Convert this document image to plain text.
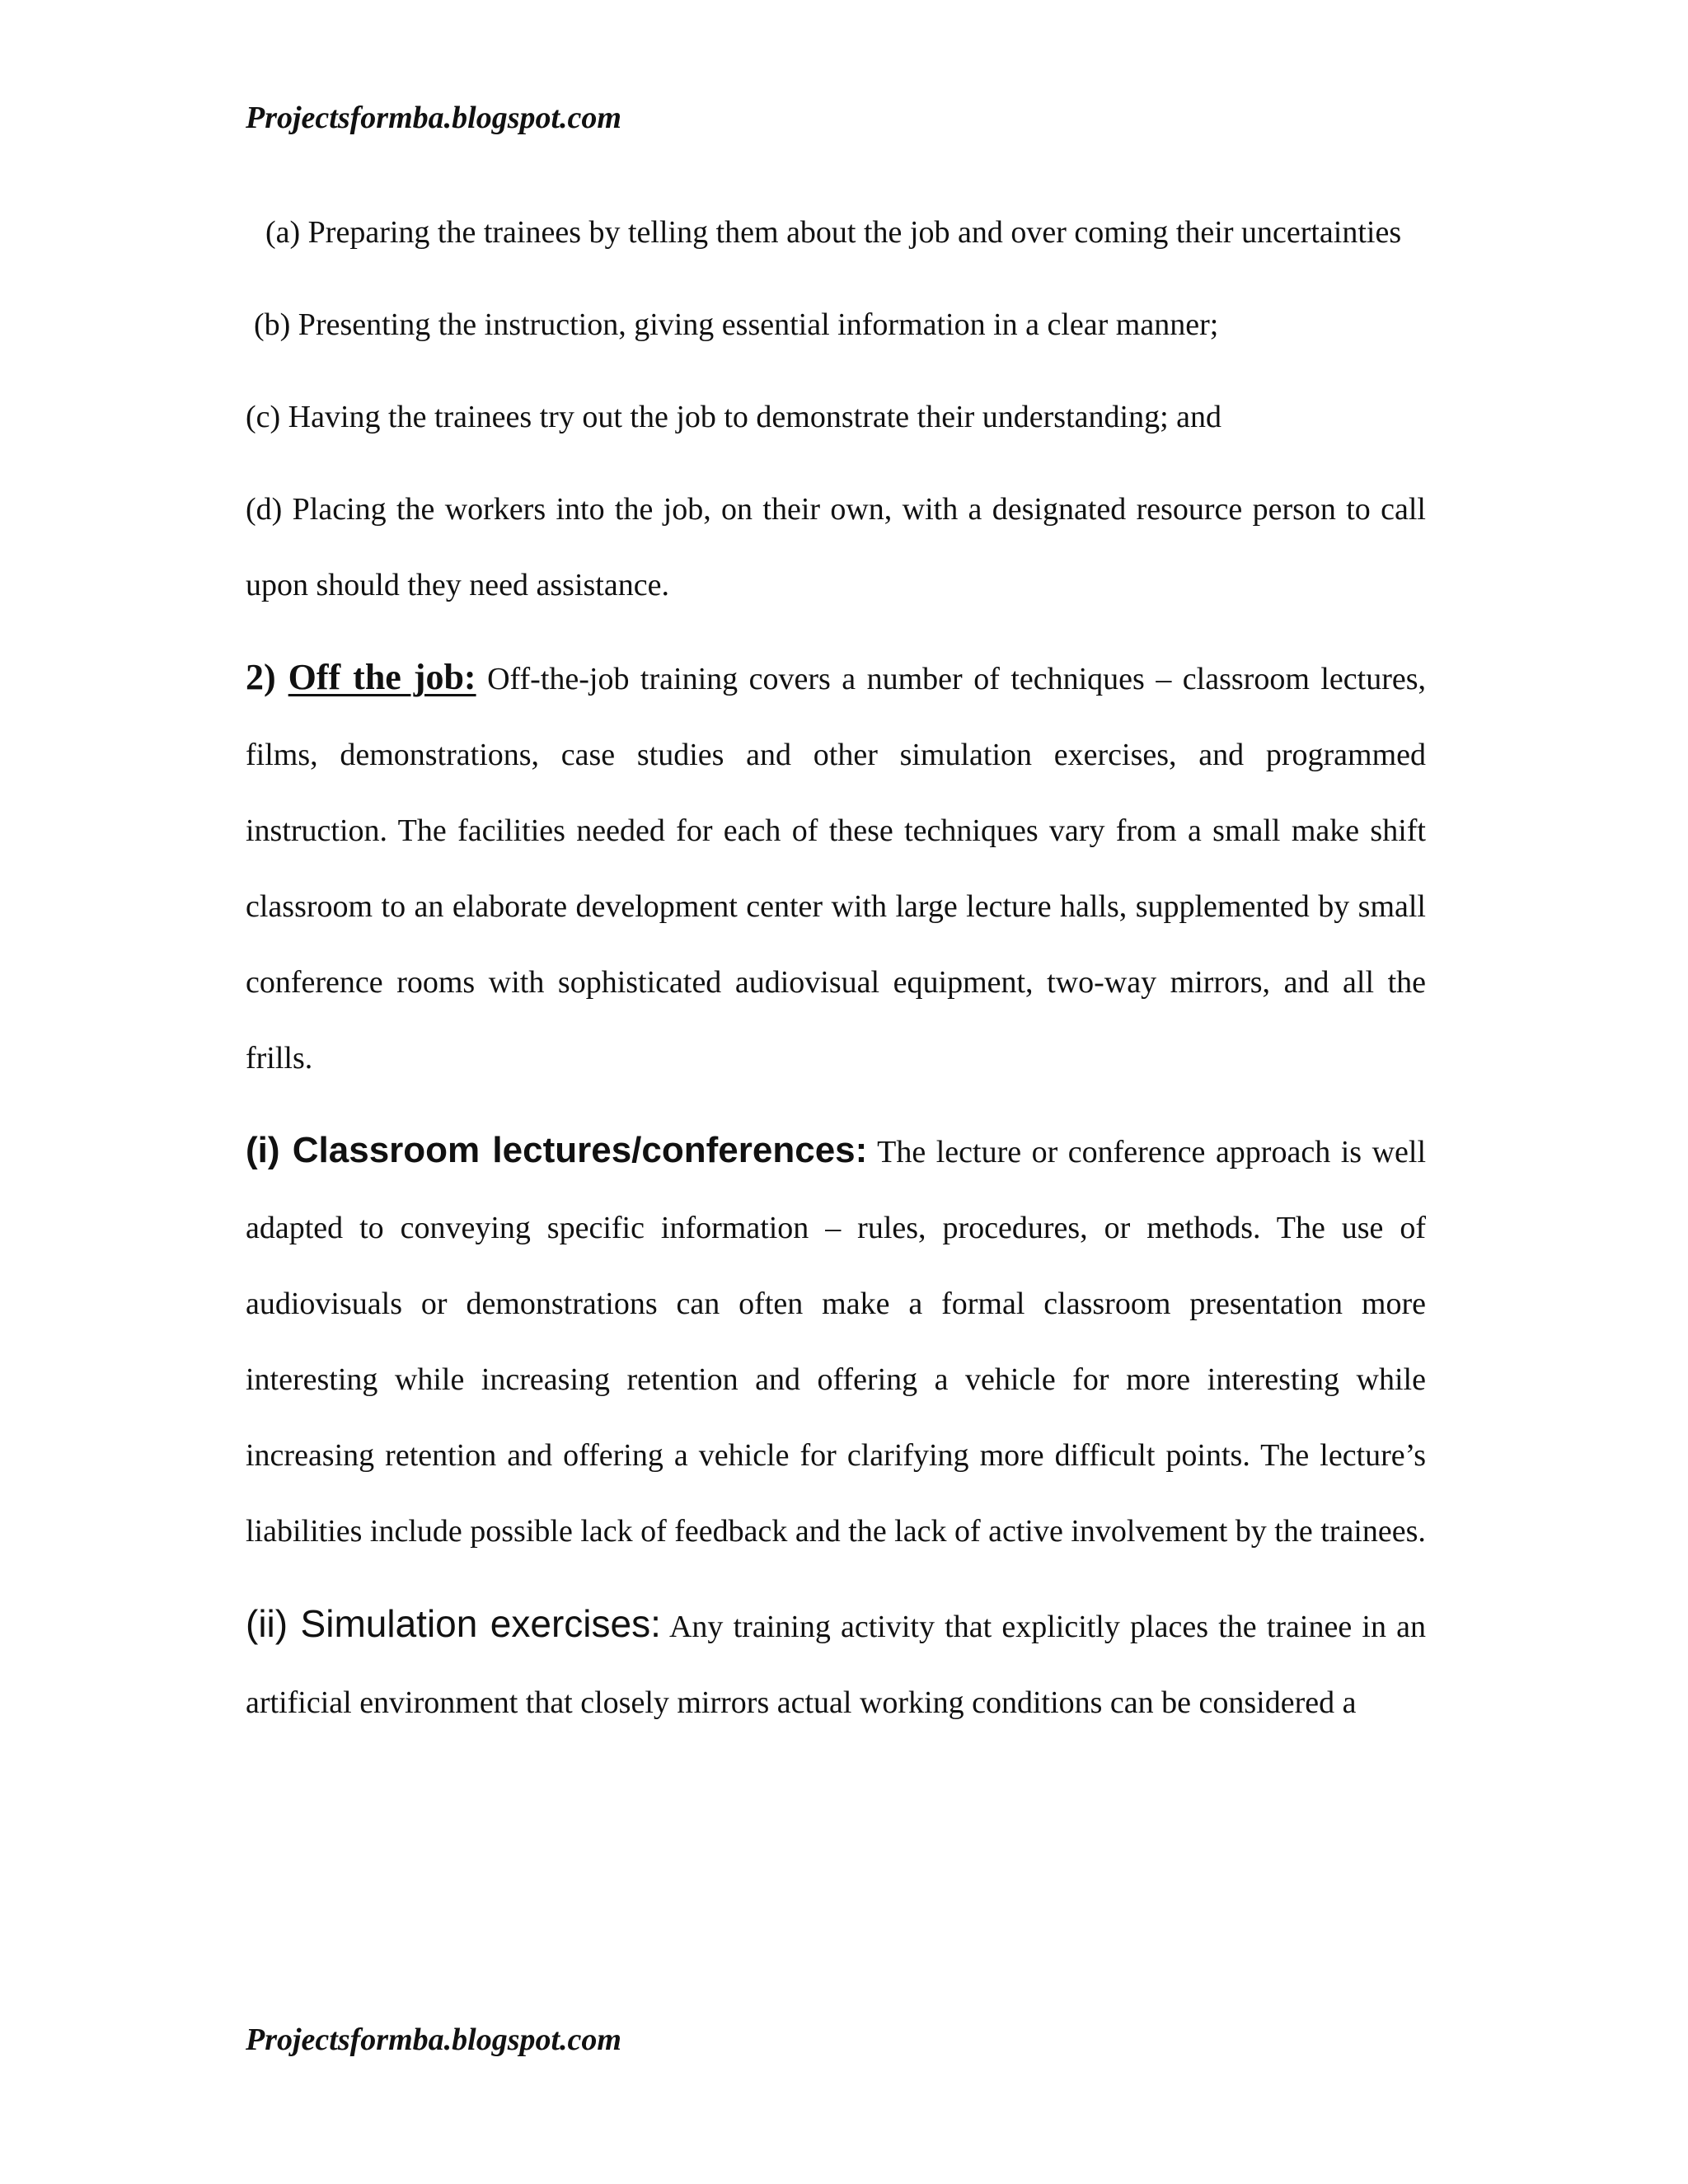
Projectsformba.blogspot.com

(a) Preparing the trainees by telling them about the job and over coming their uncertainties

(b) Presenting the instruction, giving essential information in a clear manner;

(c) Having the trainees try out the job to demonstrate their understanding; and

(d) Placing the workers into the job, on their own, with a designated resource person to call upon should they need assistance.

2) Off the job: Off-the-job training covers a number of techniques – classroom lectures, films, demonstrations, case studies and other simulation exercises, and programmed instruction. The facilities needed for each of these techniques vary from a small make shift classroom to an elaborate development center with large lecture halls, supplemented by small conference rooms with sophisticated audiovisual equipment, two-way mirrors, and all the frills.

(i) Classroom lectures/conferences: The lecture or conference approach is well adapted to conveying specific information – rules, procedures, or methods. The use of audiovisuals or demonstrations can often make a formal classroom presentation more interesting while increasing retention and offering a vehicle for more interesting while increasing retention and offering a vehicle for clarifying more difficult points. The lecture’s liabilities include possible lack of feedback and the lack of active involvement by the trainees.

(ii) Simulation exercises: Any training activity that explicitly places the trainee in an artificial environment that closely mirrors actual working conditions can be considered a

Projectsformba.blogspot.com
